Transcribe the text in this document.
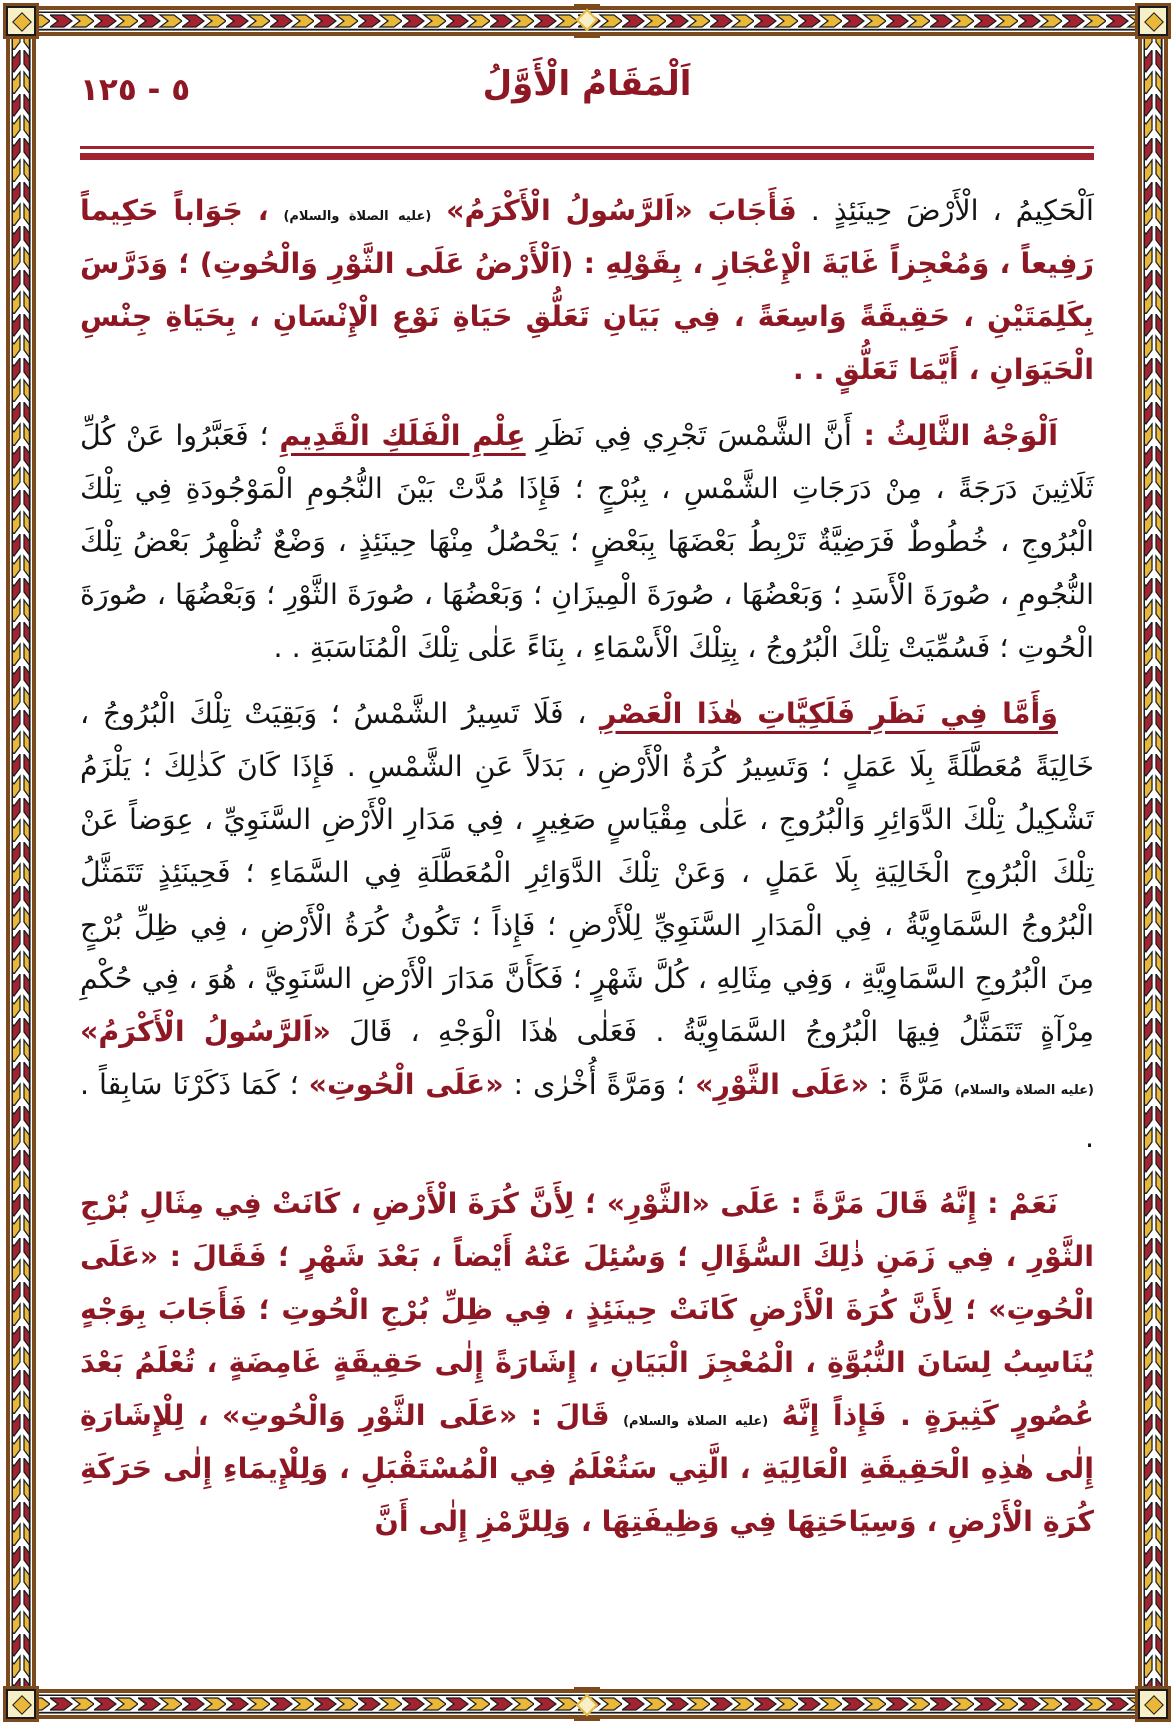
١٢٥ - ٥	اَلْمَقَامُ الْأَوَّلُ

اَلْحَكِيمُ ، الْأَرْضَ حِينَئِذٍ . فَأَجَابَ «اَلرَّسُولُ الْأَكْرَمُ» (عليه الصلاة والسلام) ، جَوَاباً حَكِيماً رَفِيعاً ، وَمُعْجِزاً غَايَةَ الْإِعْجَازِ ، بِقَوْلِهِ : (اَلْأَرْضُ عَلَى الثَّوْرِ وَالْحُوتِ) ؛ وَدَرَّسَ بِكَلِمَتَيْنِ ، حَقِيقَةً وَاسِعَةً ، فِي بَيَانِ تَعَلُّقِ حَيَاةِ نَوْعِ الْإِنْسَانِ ، بِحَيَاةِ جِنْسِ الْحَيَوَانِ ، أَيَّمَا تَعَلُّقٍ . .

اَلْوَجْهُ الثَّالِثُ : أَنَّ الشَّمْسَ تَجْرِي فِي نَظَرِ عِلْمِ الْفَلَكِ الْقَدِيمِ ؛ فَعَبَّرُوا عَنْ كُلِّ ثَلَاثِينَ دَرَجَةً ، مِنْ دَرَجَاتِ الشَّمْسِ ، بِبُرْجٍ ؛ فَإِذَا مُدَّتْ بَيْنَ النُّجُومِ الْمَوْجُودَةِ فِي تِلْكَ الْبُرُوجِ ، خُطُوطٌ فَرَضِيَّةٌ تَرْبِطُ بَعْضَهَا بِبَعْضٍ ؛ يَحْصُلُ مِنْهَا حِينَئِذٍ ، وَضْعٌ تُظْهِرُ بَعْضُ تِلْكَ النُّجُومِ ، صُورَةَ الْأَسَدِ ؛ وَبَعْضُهَا ، صُورَةَ الْمِيزَانِ ؛ وَبَعْضُهَا ، صُورَةَ الثَّوْرِ ؛ وَبَعْضُهَا ، صُورَةَ الْحُوتِ ؛ فَسُمِّيَتْ تِلْكَ الْبُرُوجُ ، بِتِلْكَ الْأَسْمَاءِ ، بِنَاءً عَلٰى تِلْكَ الْمُنَاسَبَةِ . .

وَأَمَّا فِي نَظَرِ فَلَكِيَّاتِ هٰذَا الْعَصْرِ ، فَلَا تَسِيرُ الشَّمْسُ ؛ وَبَقِيَتْ تِلْكَ الْبُرُوجُ ، خَالِيَةً مُعَطَّلَةً بِلَا عَمَلٍ ؛ وَتَسِيرُ كُرَةُ الْأَرْضِ ، بَدَلاً عَنِ الشَّمْسِ . فَإِذَا كَانَ كَذٰلِكَ ؛ يَلْزَمُ تَشْكِيلُ تِلْكَ الدَّوَائِرِ وَالْبُرُوجِ ، عَلٰى مِقْيَاسٍ صَغِيرٍ ، فِي مَدَارِ الْأَرْضِ السَّنَوِيِّ ، عِوَضاً عَنْ تِلْكَ الْبُرُوجِ الْخَالِيَةِ بِلَا عَمَلٍ ، وَعَنْ تِلْكَ الدَّوَائِرِ الْمُعَطَّلَةِ فِي السَّمَاءِ ؛ فَحِينَئِذٍ تَتَمَثَّلُ الْبُرُوجُ السَّمَاوِيَّةُ ، فِي الْمَدَارِ السَّنَوِيِّ لِلْأَرْضِ ؛ فَإِذاً ؛ تَكُونُ كُرَةُ الْأَرْضِ ، فِي ظِلِّ بُرْجٍ مِنَ الْبُرُوجِ السَّمَاوِيَّةِ ، وَفِي مِثَالِهِ ، كُلَّ شَهْرٍ ؛ فَكَأَنَّ مَدَارَ الْأَرْضِ السَّنَوِيَّ ، هُوَ ، فِي حُكْمِ مِرْآةٍ تَتَمَثَّلُ فِيهَا الْبُرُوجُ السَّمَاوِيَّةُ . فَعَلٰى هٰذَا الْوَجْهِ ، قَالَ «اَلرَّسُولُ الْأَكْرَمُ» (عليه الصلاة والسلام) مَرَّةً : «عَلَى الثَّوْرِ» ؛ وَمَرَّةً أُخْرٰى : «عَلَى الْحُوتِ» ؛ كَمَا ذَكَرْنَا سَابِقاً . .

نَعَمْ : إِنَّهُ قَالَ مَرَّةً : عَلَى «الثَّوْرِ» ؛ لِأَنَّ كُرَةَ الْأَرْضِ ، كَانَتْ فِي مِثَالِ بُرْجِ الثَّوْرِ ، فِي زَمَنِ ذٰلِكَ السُّؤَالِ ؛ وَسُئِلَ عَنْهُ أَيْضاً ، بَعْدَ شَهْرٍ ؛ فَقَالَ : «عَلَى الْحُوتِ» ؛ لِأَنَّ كُرَةَ الْأَرْضِ كَانَتْ حِينَئِذٍ ، فِي ظِلِّ بُرْجِ الْحُوتِ ؛ فَأَجَابَ بِوَجْهٍ يُنَاسِبُ لِسَانَ النُّبُوَّةِ ، الْمُعْجِزَ الْبَيَانِ ، إِشَارَةً إِلٰى حَقِيقَةٍ غَامِضَةٍ ، تُعْلَمُ بَعْدَ عُصُورٍ كَثِيرَةٍ . فَإِذاً إِنَّهُ (عليه الصلاة والسلام) قَالَ : «عَلَى الثَّوْرِ وَالْحُوتِ» ، لِلْإِشَارَةِ إِلٰى هٰذِهِ الْحَقِيقَةِ الْعَالِيَةِ ، الَّتِي سَتُعْلَمُ فِي الْمُسْتَقْبَلِ ، وَلِلْإِيمَاءِ إِلٰى حَرَكَةِ كُرَةِ الْأَرْضِ ، وَسِيَاحَتِهَا فِي وَظِيفَتِهَا ، وَلِلرَّمْزِ إِلٰى أَنَّ
